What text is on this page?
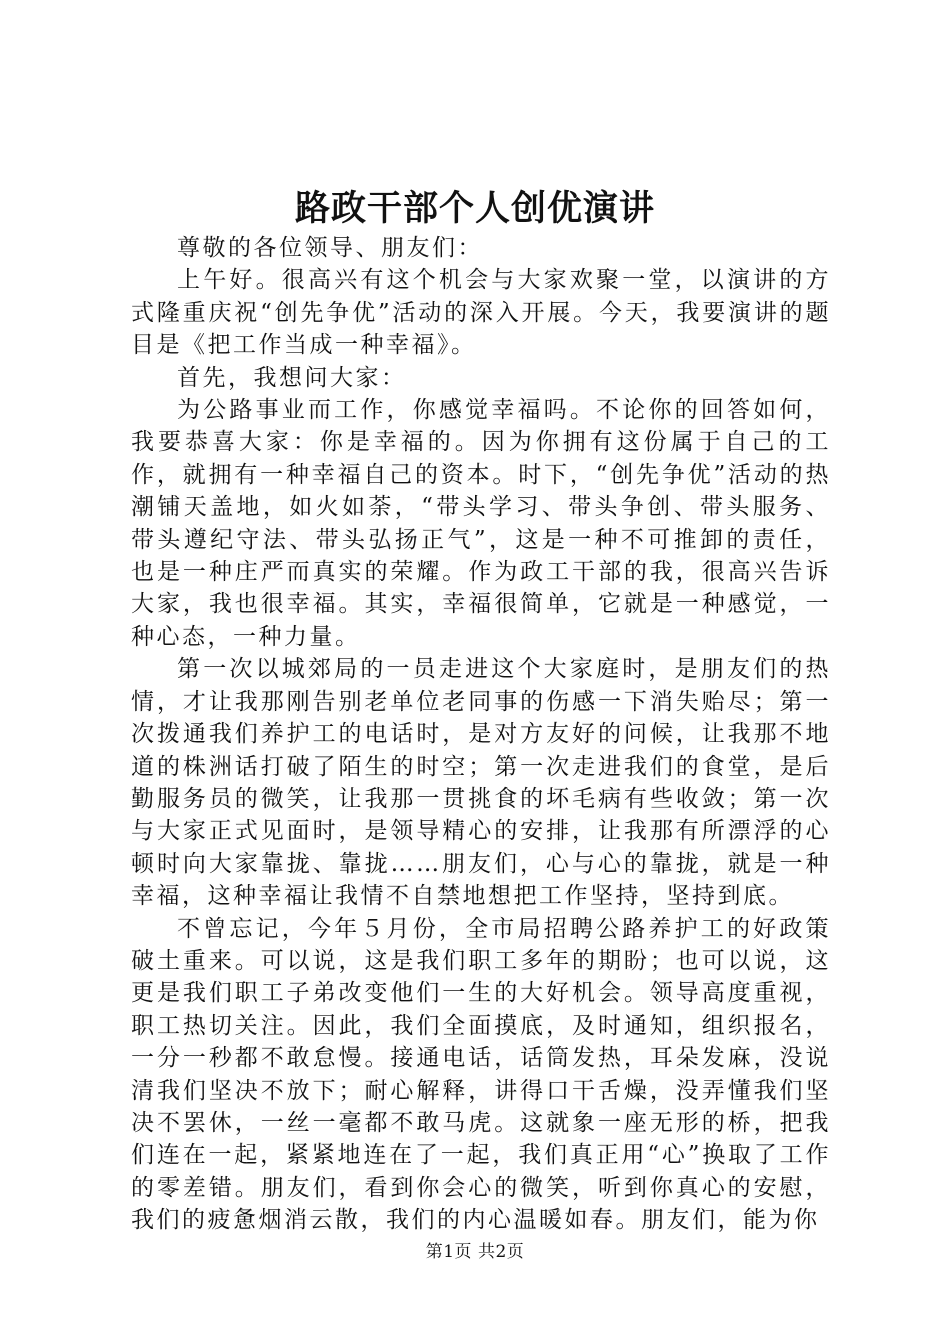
路政干部个人创优演讲

尊敬的各位领导、朋友们：

上午好。很高兴有这个机会与大家欢聚一堂，以演讲的方式隆重庆祝“创先争优”活动的深入开展。今天，我要演讲的题目是《把工作当成一种幸福》。

首先，我想问大家：

为公路事业而工作，你感觉幸福吗。不论你的回答如何，我要恭喜大家：你是幸福的。因为你拥有这份属于自己的工作，就拥有一种幸福自己的资本。时下，“创先争优”活动的热潮铺天盖地，如火如荼，“带头学习、带头争创、带头服务、带头遵纪守法、带头弘扬正气”，这是一种不可推卸的责任，也是一种庄严而真实的荣耀。作为政工干部的我，很高兴告诉大家，我也很幸福。其实，幸福很简单，它就是一种感觉，一种心态，一种力量。

第一次以城郊局的一员走进这个大家庭时，是朋友们的热情，才让我那刚告别老单位老同事的伤感一下消失贻尽；第一次拨通我们养护工的电话时，是对方友好的问候，让我那不地道的株洲话打破了陌生的时空；第一次走进我们的食堂，是后勤服务员的微笑，让我那一贯挑食的坏毛病有些收敛；第一次与大家正式见面时，是领导精心的安排，让我那有所漂浮的心顿时向大家靠拢、靠拢……朋友们，心与心的靠拢，就是一种幸福，这种幸福让我情不自禁地想把工作坚持，坚持到底。

不曾忘记，今年５月份，全市局招聘公路养护工的好政策破土重来。可以说，这是我们职工多年的期盼；也可以说，这更是我们职工子弟改变他们一生的大好机会。领导高度重视，职工热切关注。因此，我们全面摸底，及时通知，组织报名，一分一秒都不敢怠慢。接通电话，话筒发热，耳朵发麻，没说清我们坚决不放下；耐心解释，讲得口干舌燥，没弄懂我们坚决不罢休，一丝一毫都不敢马虎。这就象一座无形的桥，把我们连在一起，紧紧地连在了一起，我们真正用“心”换取了工作的零差错。朋友们，看到你会心的微笑，听到你真心的安慰，我们的疲惫烟消云散，我们的内心温暖如春。朋友们，能为你

第1页 共2页
